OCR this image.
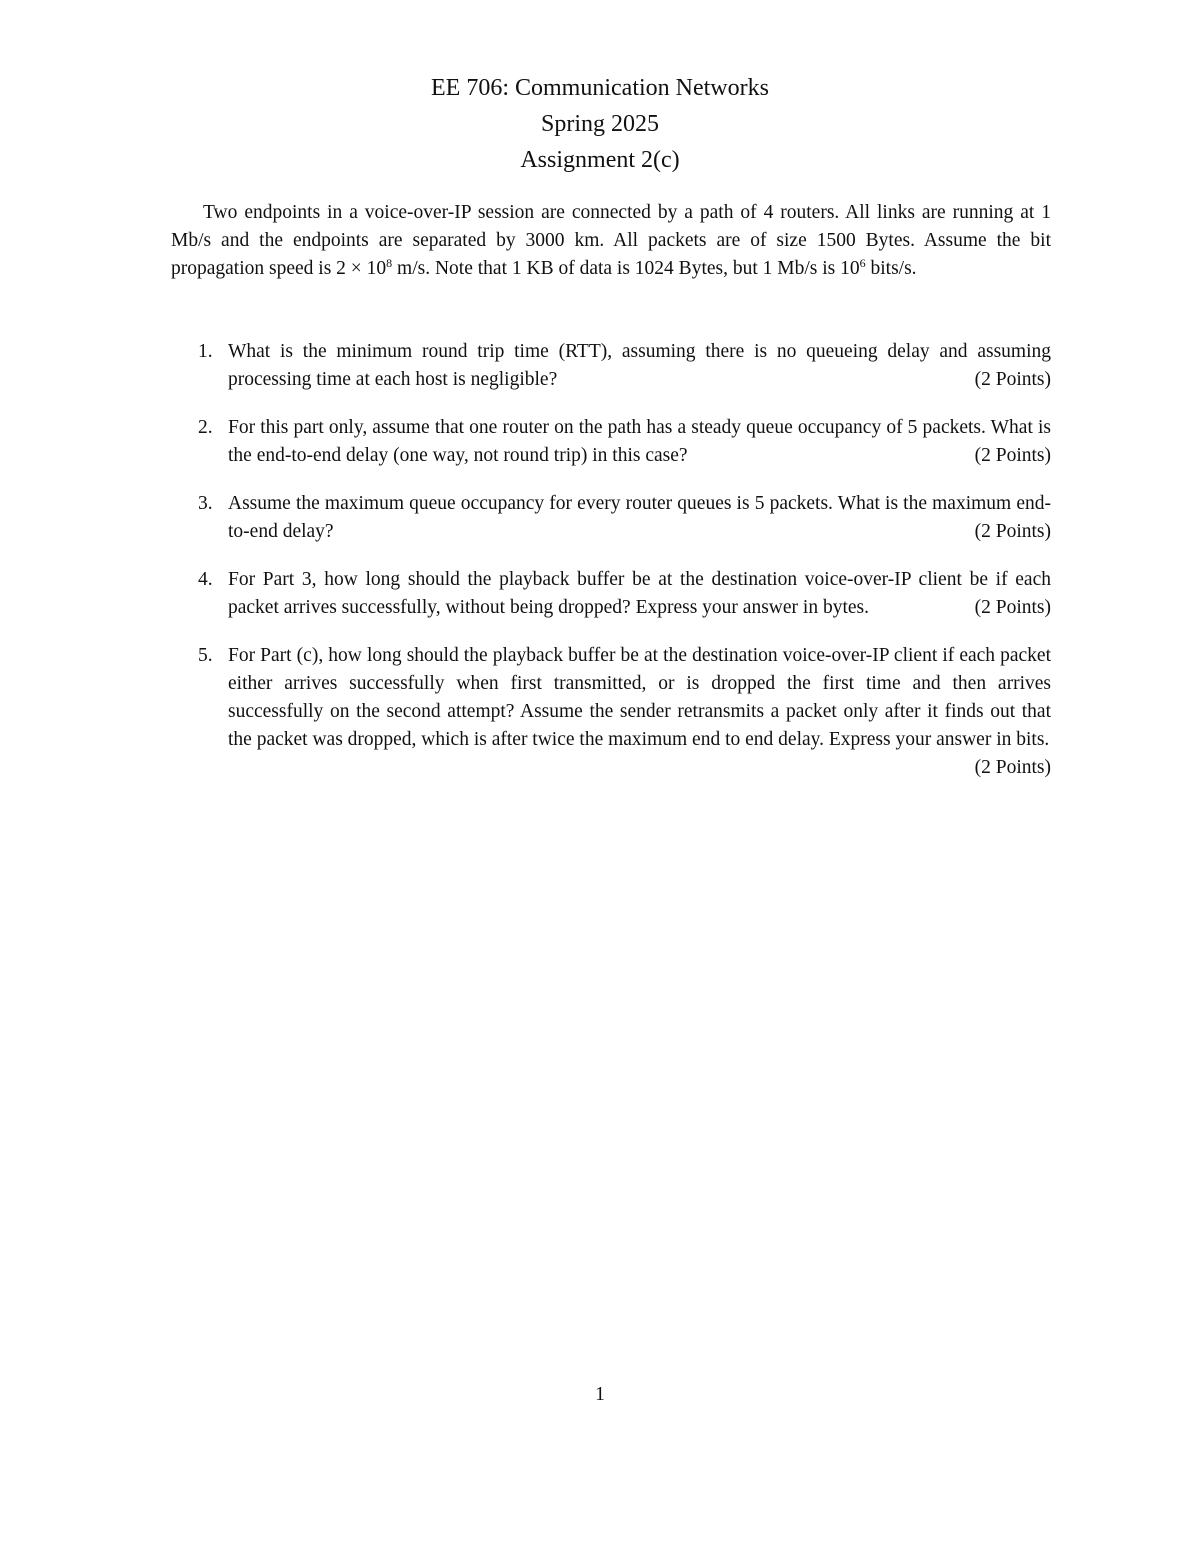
EE 706: Communication Networks

Spring 2025

Assignment 2(c)

Two endpoints in a voice-over-IP session are connected by a path of 4 routers. All links are running at 1 Mb/s and the endpoints are separated by 3000 km. All packets are of size 1500 Bytes. Assume the bit propagation speed is $2 \times 10^8$ m/s. Note that 1 KB of data is 1024 Bytes, but 1 Mb/s is $10^6$ bits/s.

1. What is the minimum round trip time (RTT), assuming there is no queueing delay and assuming processing time at each host is negligible?	(2 Points)
2. For this part only, assume that one router on the path has a steady queue occupancy of 5 packets. What is the end-to-end delay (one way, not round trip) in this case?	(2 Points)
3. Assume the maximum queue occupancy for every router queues is 5 packets. What is the maximum end-to-end delay?	(2 Points)
4. For Part 3, how long should the playback buffer be at the destination voice-over-IP client be if each packet arrives successfully, without being dropped? Express your answer in bytes.	(2 Points)
5. For Part (c), how long should the playback buffer be at the destination voice-over-IP client if each packet either arrives successfully when first transmitted, or is dropped the first time and then arrives successfully on the second attempt? Assume the sender retransmits a packet only after it finds out that the packet was dropped, which is after twice the maximum end to end delay. Express your answer in bits.
(2 Points)
1
